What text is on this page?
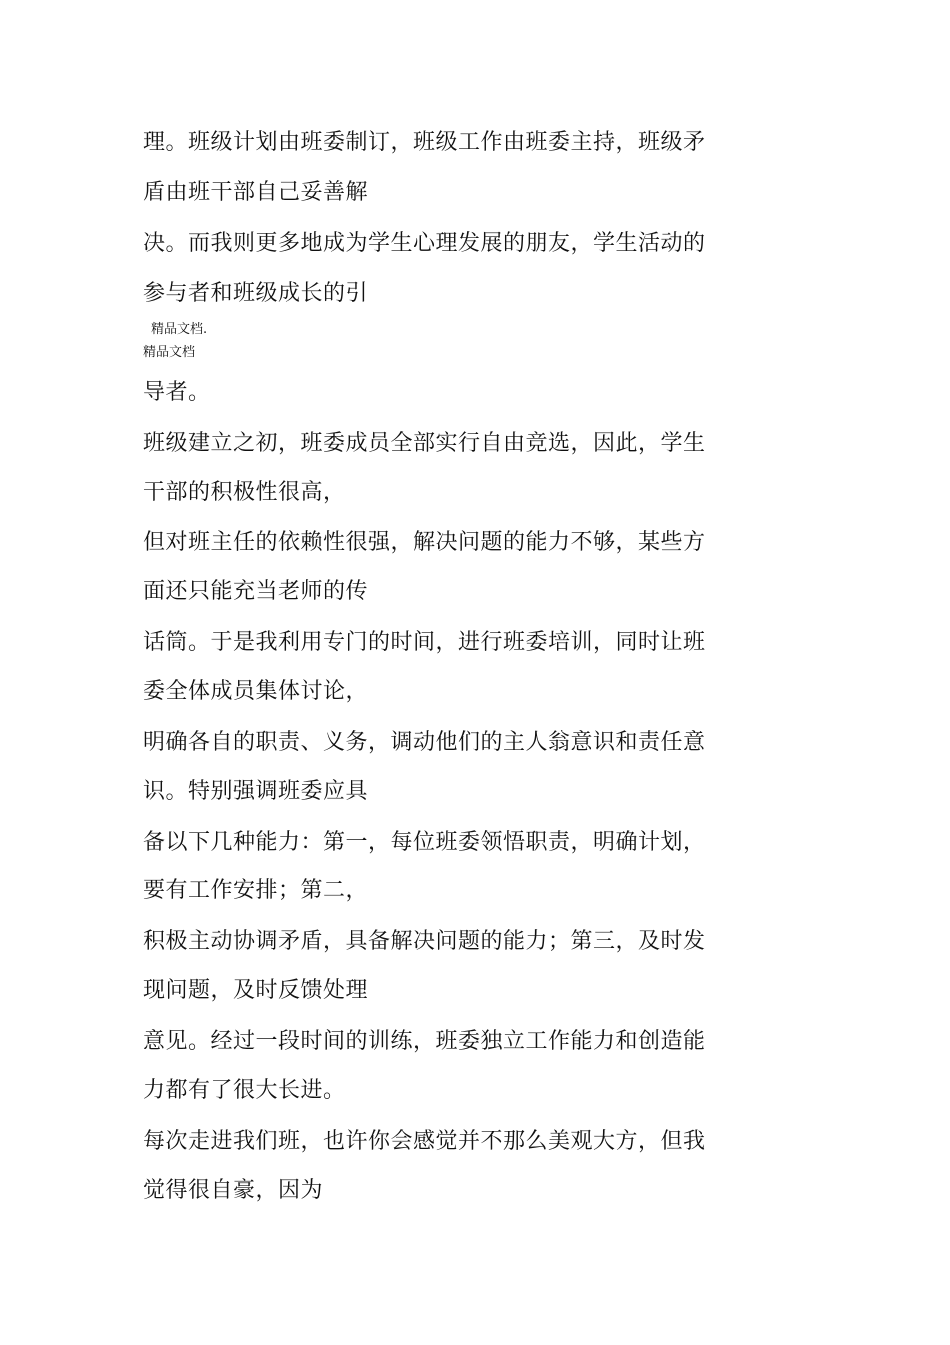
理。班级计划由班委制订，班级工作由班委主持，班级矛
盾由班干部自己妥善解
决。而我则更多地成为学生心理发展的朋友，学生活动的
参与者和班级成长的引
精品文档.
精品文档
导者。
班级建立之初，班委成员全部实行自由竞选，因此，学生
干部的积极性很高，
但对班主任的依赖性很强，解决问题的能力不够，某些方
面还只能充当老师的传
话筒。于是我利用专门的时间，进行班委培训，同时让班
委全体成员集体讨论，
明确各自的职责、义务，调动他们的主人翁意识和责任意
识。特别强调班委应具
备以下几种能力：第一，每位班委领悟职责，明确计划，
要有工作安排；第二，
积极主动协调矛盾，具备解决问题的能力；第三，及时发
现问题，及时反馈处理
意见。经过一段时间的训练，班委独立工作能力和创造能
力都有了很大长进。
每次走进我们班，也许你会感觉并不那么美观大方，但我
觉得很自豪，因为
